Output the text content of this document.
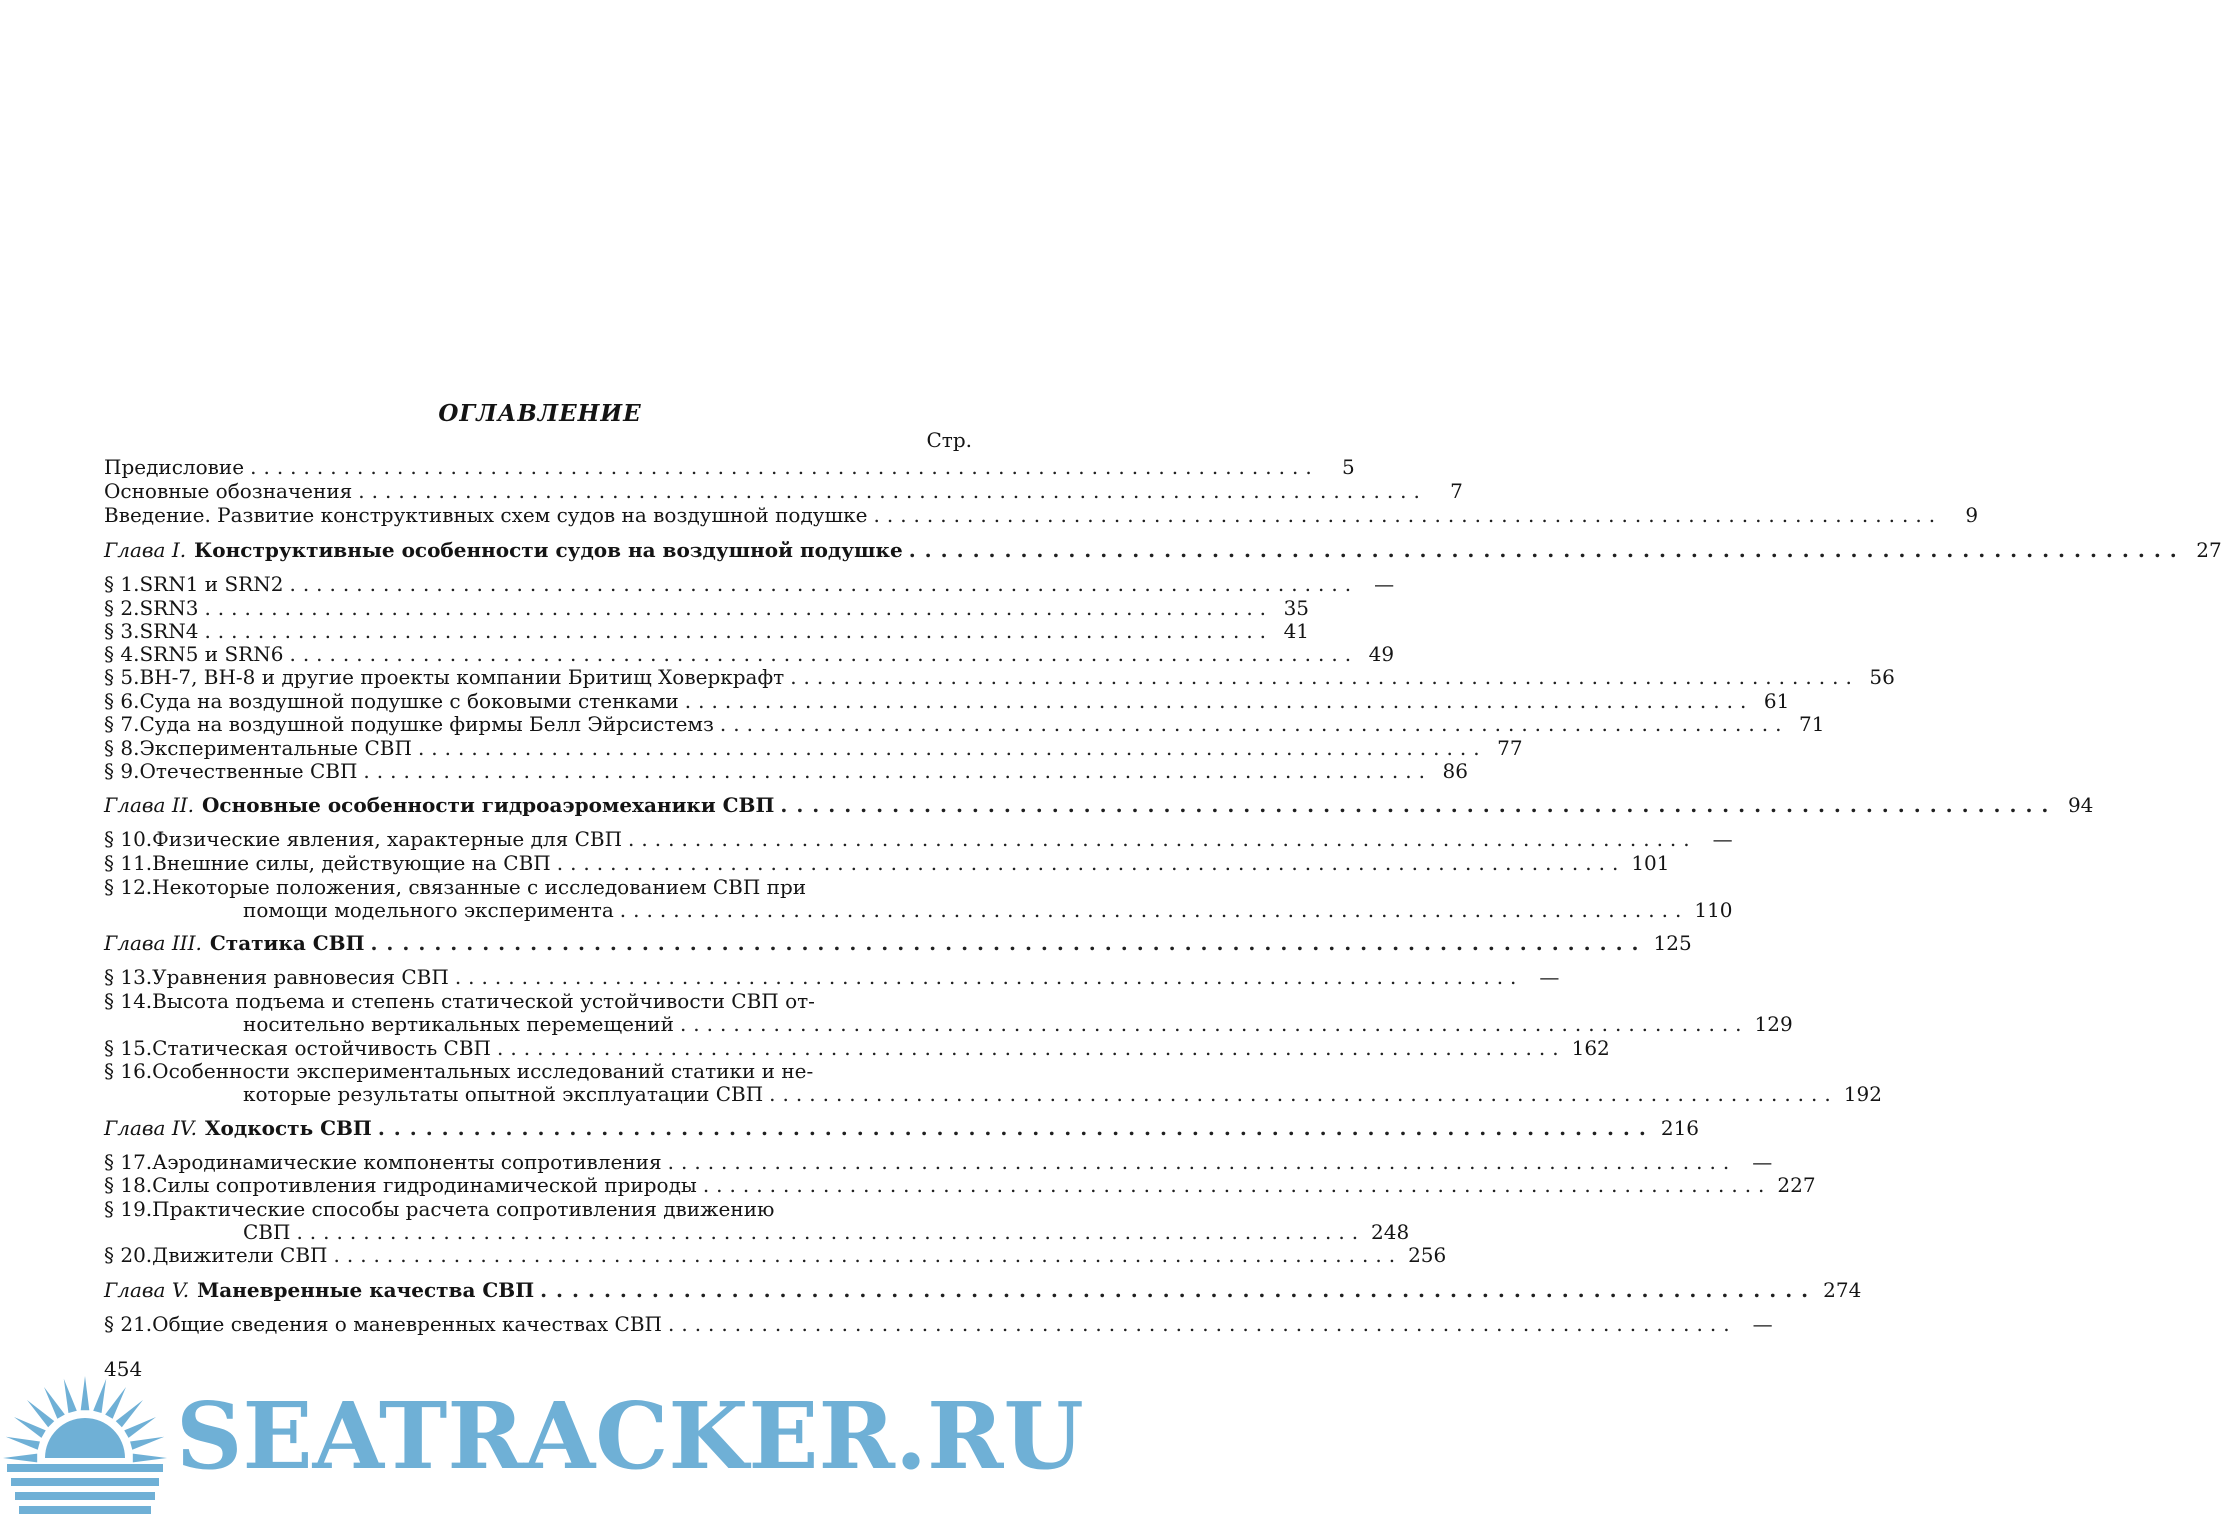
ОГЛАВЛЕНИЕ
Стр.
Предисловие ................................................................................	5
Основные обозначения ................................................................................	7
Введение. Развитие конструктивных схем судов на воздушной подушке ................................................................................	9
Глава I. Конструктивные особенности судов на воздушной подушке ................................................................................ 27
§ 1. SRN1 и SRN2 ................................................................................ —
§ 2. SRN3 ................................................................................ 35
§ 3. SRN4 ................................................................................ 41
§ 4. SRN5 и SRN6 ................................................................................ 49
§ 5. ВН-7, ВН-8 и другие проекты компании Бритищ Ховеркрафт ................................................................................ 56
§ 6. Суда на воздушной подушке с боковыми стенками ................................................................................ 61
§ 7. Суда на воздушной подушке фирмы Белл Эйрсистемз ................................................................................ 71
§ 8. Экспериментальные СВП ................................................................................ 77
§ 9. Отечественные СВП ................................................................................ 86
Глава II. Основные особенности гидроаэромеханики СВП ................................................................................ 94
§ 10. Физические явления, характерные для СВП ................................................................................ —
§ 11. Внешние силы, действующие на СВП ................................................................................ 101
§ 12. Некоторые положения, связанные с исследованием СВП при
помощи модельного эксперимента ................................................................................ 110
Глава III. Статика СВП ................................................................................ 125
§ 13. Уравнения равновесия СВП ................................................................................ —
§ 14. Высота подъема и степень статической устойчивости СВП от-
носительно вертикальных перемещений ................................................................................ 129
§ 15. Статическая остойчивость СВП ................................................................................ 162
§ 16. Особенности экспериментальных исследований статики и не-
которые результаты опытной эксплуатации СВП ................................................................................ 192
Глава IV. Ходкость СВП ................................................................................ 216
§ 17. Аэродинамические компоненты сопротивления ................................................................................ —
§ 18. Силы сопротивления гидродинамической природы ................................................................................ 227
§ 19. Практические способы расчета сопротивления движению
СВП ................................................................................ 248
§ 20. Движители СВП ................................................................................ 256
Глава V. Маневренные качества СВП ................................................................................ 274
§ 21. Общие сведения о маневренных качествах СВП ................................................................................ —
454
SEATRACKER.RU
